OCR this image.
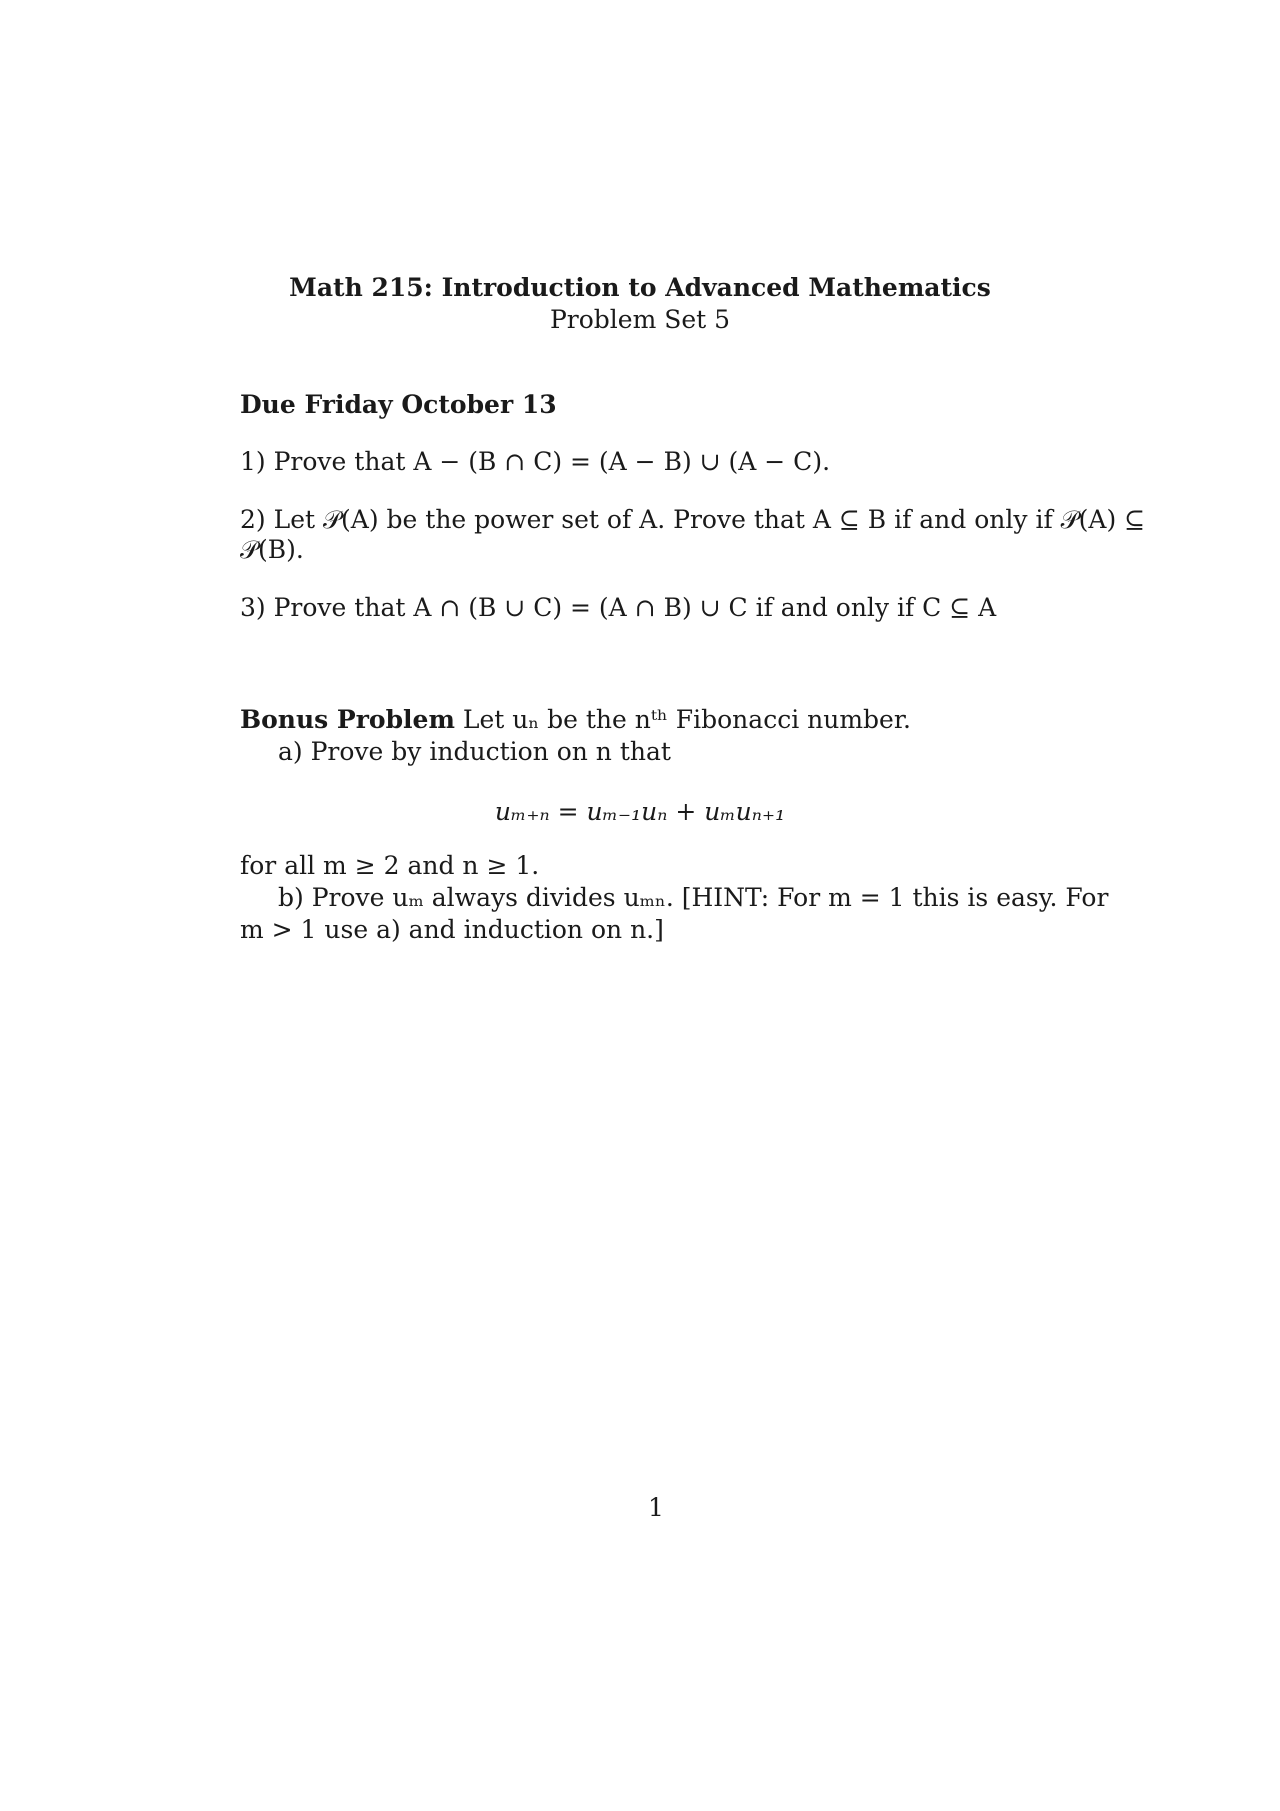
Math 215: Introduction to Advanced Mathematics
Problem Set 5
Due Friday October 13
1) Prove that A − (B ∩ C) = (A − B) ∪ (A − C).
2) Let 𝒫(A) be the power set of A. Prove that A ⊆ B if and only if 𝒫(A) ⊆
𝒫(B).
3) Prove that A ∩ (B ∪ C) = (A ∩ B) ∪ C if and only if C ⊆ A
Bonus Problem Let uₙ be the nᵗʰ Fibonacci number.
a) Prove by induction on n that
uₘ₊ₙ = uₘ₋₁uₙ + uₘuₙ₊₁
for all m ≥ 2 and n ≥ 1.
b) Prove uₘ always divides uₘₙ. [HINT: For m = 1 this is easy. For
m > 1 use a) and induction on n.]
1
